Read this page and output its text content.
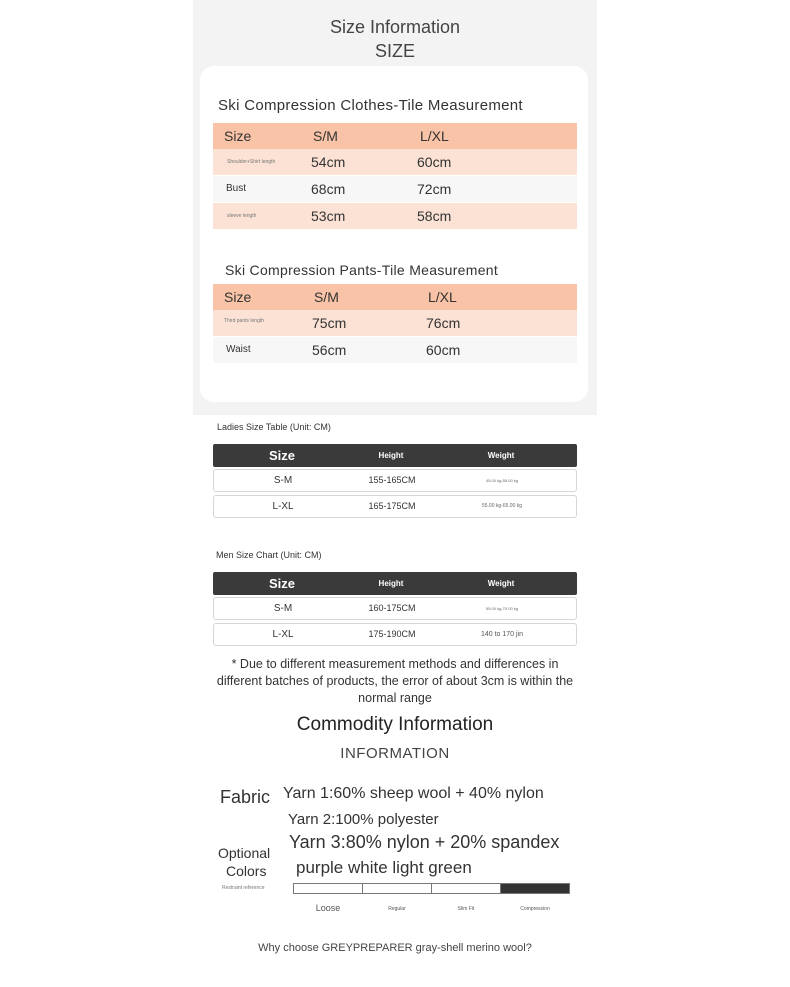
Size Information
SIZE
Ski Compression Clothes-Tile Measurement
Size	S/M	L/XL
Shoulder+Shirt length	54cm	60cm
Bust	68cm	72cm
sleeve length	53cm	58cm
Ski Compression Pants-Tile Measurement
Size	S/M	L/XL
Third pants length	75cm	76cm
Waist	56cm	60cm
Ladies Size Table (Unit: CM)
Size	Height	Weight
S-M	155-165CM	45.00 kg-55.00 kg
L-XL	165-175CM	55.00 kg-65.00 kg
Men Size Chart (Unit: CM)
Size	Height	Weight
S-M	160-175CM	55.00 kg-70.00 kg
L-XL	175-190CM	140 to 170 jin
* Due to different measurement methods and differences in different batches of products, the error of about 3cm is within the normal range
Commodity Information
INFORMATION
Fabric Yarn 1:60% sheep wool + 40% nylon
Yarn 2:100% polyester
Yarn 3:80% nylon + 20% spandex
Optional
Colors purple white light green
Restraint reference
Loose	Regular	Slim Fit	Compression
Why choose GREYPREPARER gray-shell merino wool?
